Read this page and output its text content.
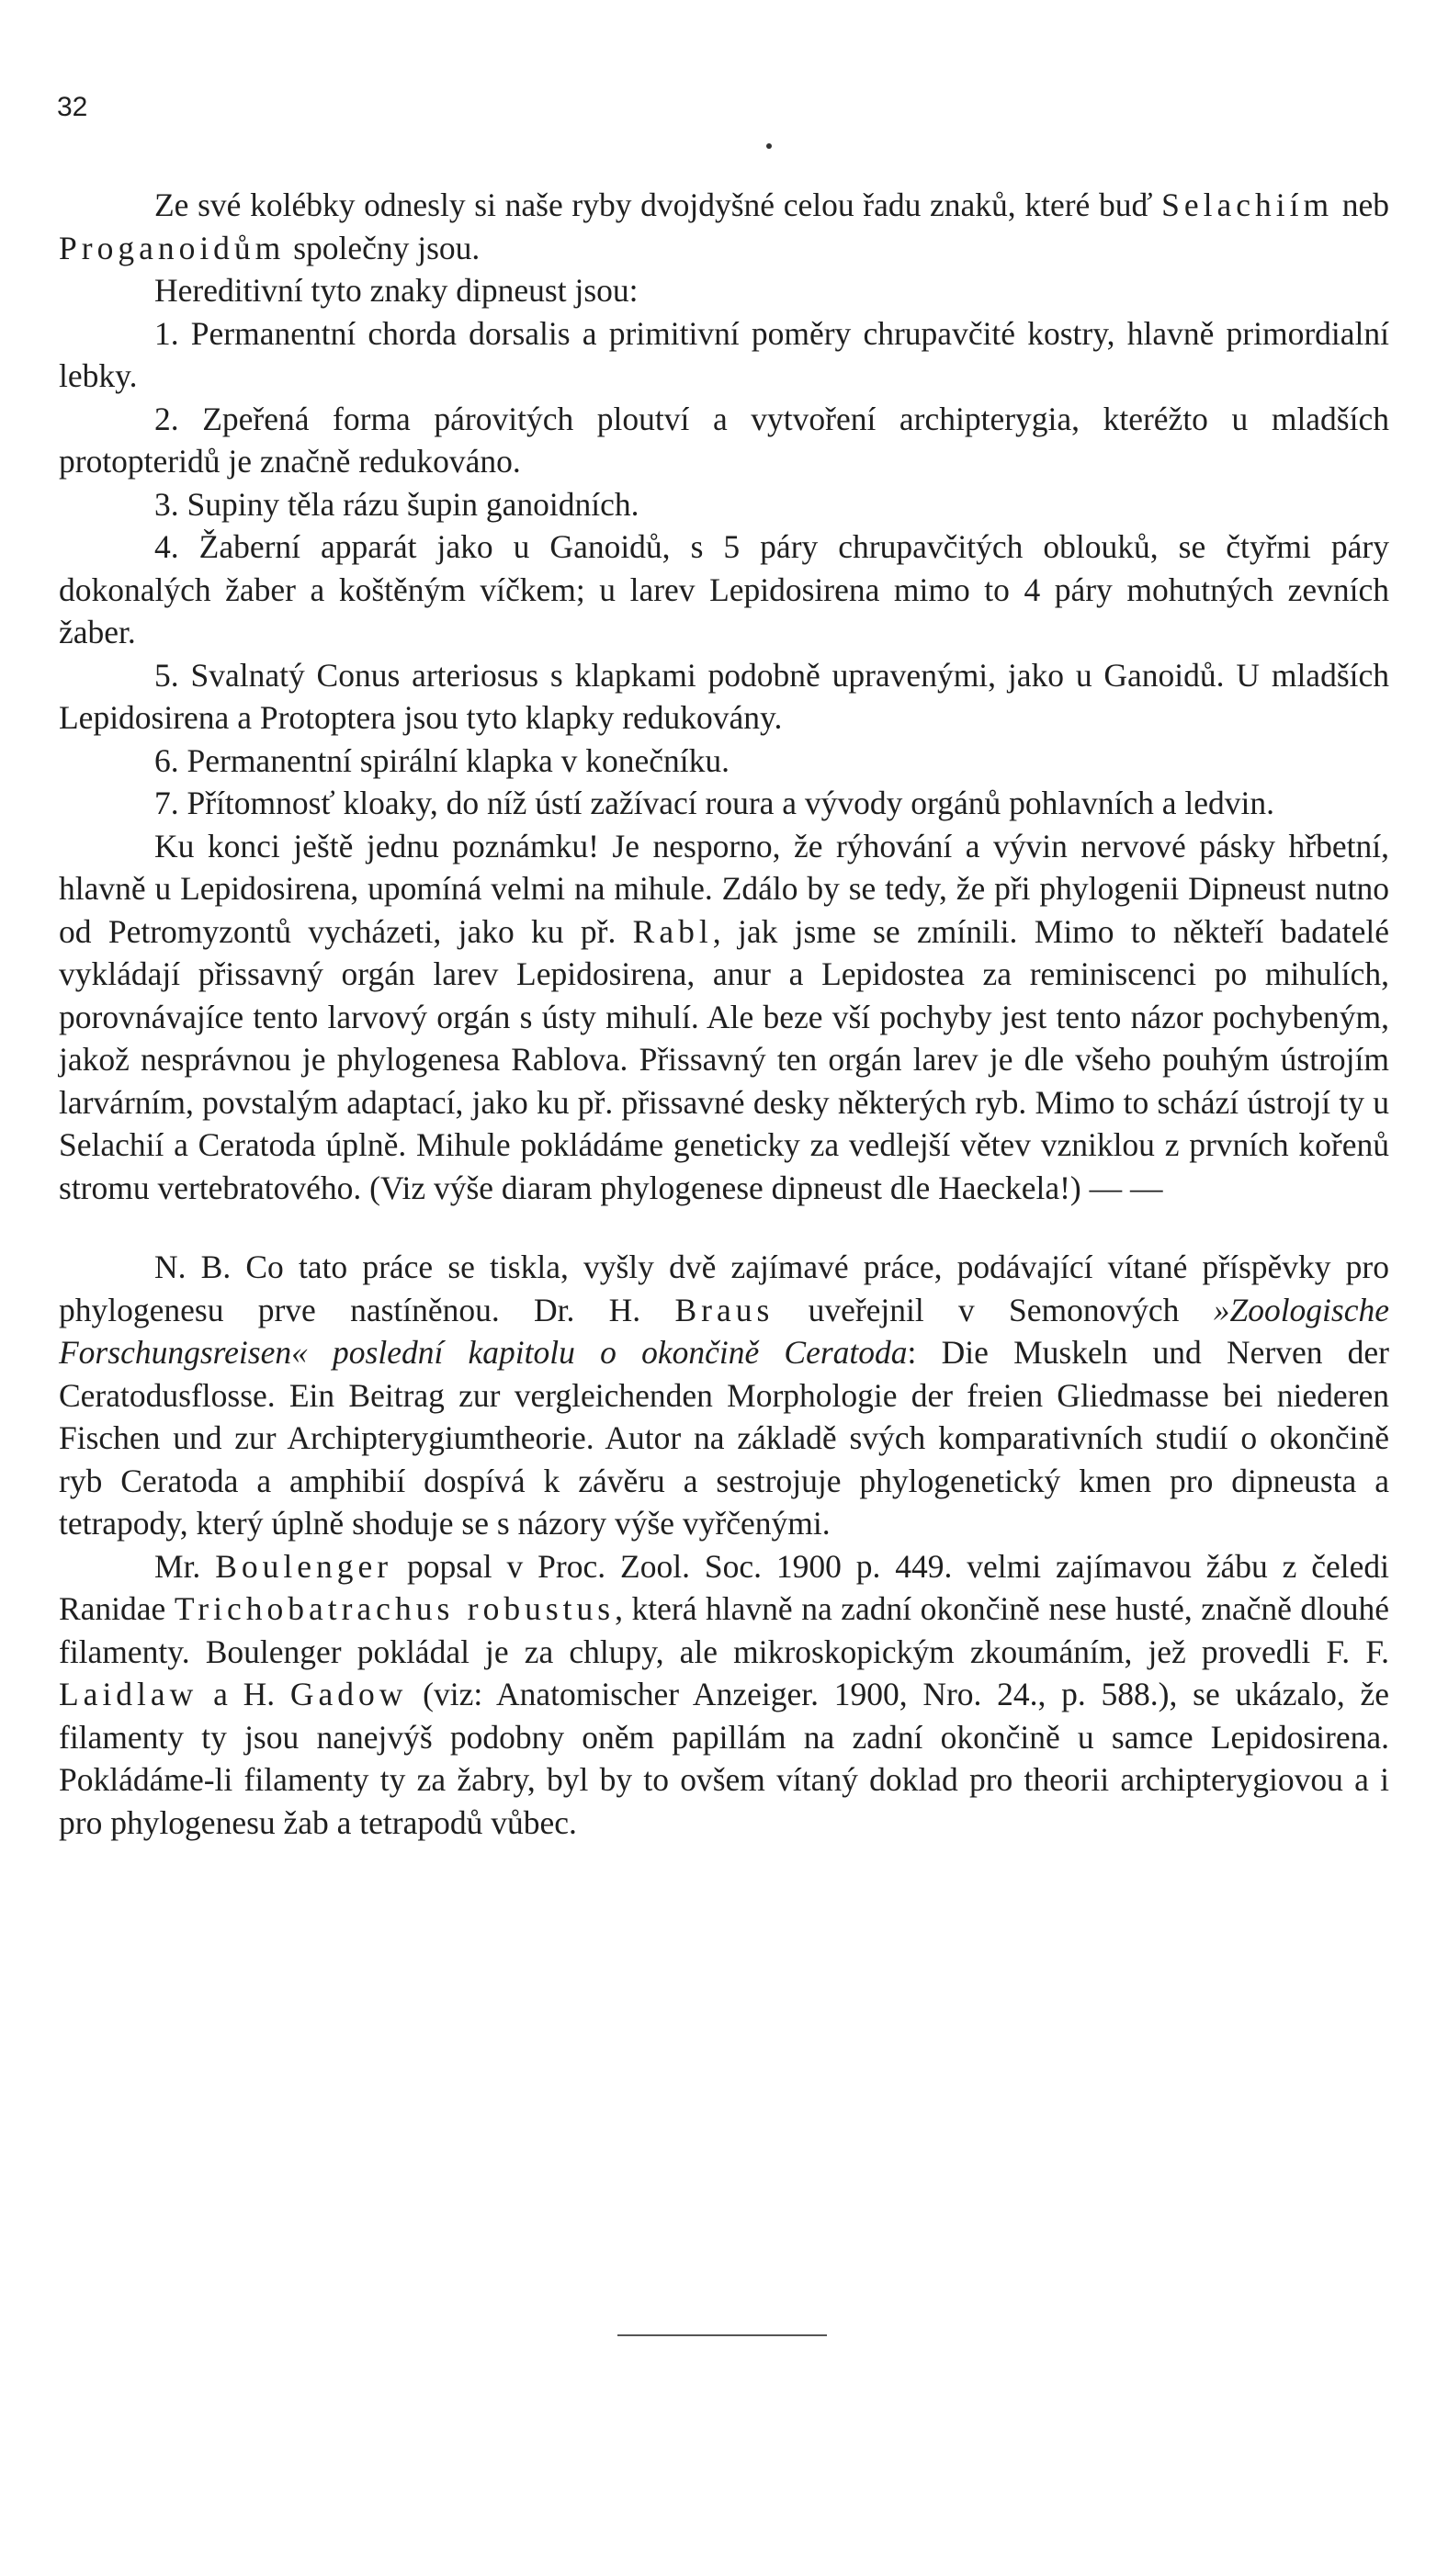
32

Ze své kolébky odnesly si naše ryby dvojdyšné celou řadu znaků, které buď Selachiím neb Proganoidům společny jsou.

Hereditivní tyto znaky dipneust jsou:

1. Permanentní chorda dorsalis a primitivní poměry chrupavčité kostry, hlavně primordialní lebky.

2. Zpeřená forma párovitých ploutví a vytvoření archipterygia, kteréžto u mladších protopteridů je značně redukováno.

3. Supiny těla rázu šupin ganoidních.

4. Žaberní apparát jako u Ganoidů, s 5 páry chrupavčitých oblouků, se čtyřmi páry dokonalých žaber a koštěným víčkem; u larev Lepidosirena mimo to 4 páry mohutných zevních žaber.

5. Svalnatý Conus arteriosus s klapkami podobně upravenými, jako u Ganoidů. U mladších Lepidosirena a Protoptera jsou tyto klapky redukovány.

6. Permanentní spirální klapka v konečníku.

7. Přítomnosť kloaky, do níž ústí zažívací roura a vývody orgánů pohlavních a ledvin.

Ku konci ještě jednu poznámku! Je nesporno, že rýhování a vývin nervové pásky hřbetní, hlavně u Lepidosirena, upomíná velmi na mihule. Zdálo by se tedy, že při phylogenii Dipneust nutno od Petromyzontů vycházeti, jako ku př. Rabl, jak jsme se zmínili. Mimo to někteří badatelé vykládají přissavný orgán larev Lepidosirena, anur a Lepidostea za reminiscenci po mihulích, porovnávajíce tento larvový orgán s ústy mihulí. Ale beze vší pochyby jest tento názor pochybeným, jakož nesprávnou je phylogenesa Rablova. Přissavný ten orgán larev je dle všeho pouhým ústrojím larvárním, povstalým adaptací, jako ku př. přissavné desky některých ryb. Mimo to schází ústrojí ty u Selachií a Ceratoda úplně. Mihule pokládáme geneticky za vedlejší větev vzniklou z prvních kořenů stromu vertebratového. (Viz výše diaram phylogenese dipneust dle Haeckela!) — —

N. B. Co tato práce se tiskla, vyšly dvě zajímavé práce, podávající vítané příspěvky pro phylogenesu prve nastíněnou. Dr. H. Braus uveřejnil v Semonových »Zoologische Forschungsreisen« poslední kapitolu o okončině Ceratoda: Die Muskeln und Nerven der Ceratodusflosse. Ein Beitrag zur vergleichenden Morphologie der freien Gliedmasse bei niederen Fischen und zur Archipterygiumtheorie. Autor na základě svých komparativních studií o okončině ryb Ceratoda a amphibií dospívá k závěru a sestrojuje phylogenetický kmen pro dipneusta a tetrapody, který úplně shoduje se s názory výše vyřčenými.

Mr. Boulenger popsal v Proc. Zool. Soc. 1900 p. 449. velmi zajímavou žábu z čeledi Ranidae Trichobatrachus robustus, která hlavně na zadní okončině nese husté, značně dlouhé filamenty. Boulenger pokládal je za chlupy, ale mikroskopickým zkoumáním, jež provedli F. F. Laidlaw a H. Gadow (viz: Anatomischer Anzeiger. 1900, Nro. 24., p. 588.), se ukázalo, že filamenty ty jsou nanejvýš podobny oněm papillám na zadní okončině u samce Lepidosirena. Pokládáme-li filamenty ty za žabry, byl by to ovšem vítaný doklad pro theorii archipterygiovou a i pro phylogenesu žab a tetrapodů vůbec.
